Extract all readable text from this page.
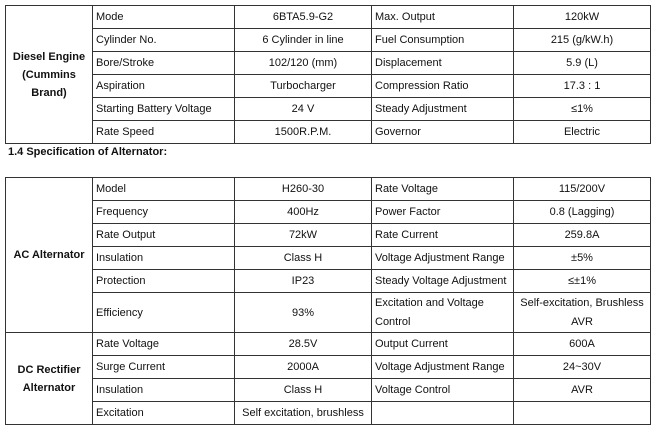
Diesel Engine (Cummins Brand)	Mode	6BTA5.9-G2	Max. Output	120kW
	Cylinder No.	6 Cylinder in line	Fuel Consumption	215 (g/kW.h)
	Bore/Stroke	102/120 (mm)	Displacement	5.9 (L)
	Aspiration	Turbocharger	Compression Ratio	17.3 : 1
	Starting Battery Voltage	24 V	Steady Adjustment	≤1%
	Rate Speed	1500R.P.M.	Governor	Electric
1.4 Specification of Alternator:
AC Alternator	Model	H260-30	Rate Voltage	115/200V
	Frequency	400Hz	Power Factor	0.8 (Lagging)
	Rate Output	72kW	Rate Current	259.8A
	Insulation	Class H	Voltage Adjustment Range	±5%
	Protection	IP23	Steady Voltage Adjustment	≤±1%
	Efficiency	93%	Excitation and Voltage Control	Self-excitation, Brushless AVR
DC Rectifier Alternator	Rate Voltage	28.5V	Output Current	600A
	Surge Current	2000A	Voltage Adjustment Range	24~30V
	Insulation	Class H	Voltage Control	AVR
	Excitation	Self excitation, brushless		
